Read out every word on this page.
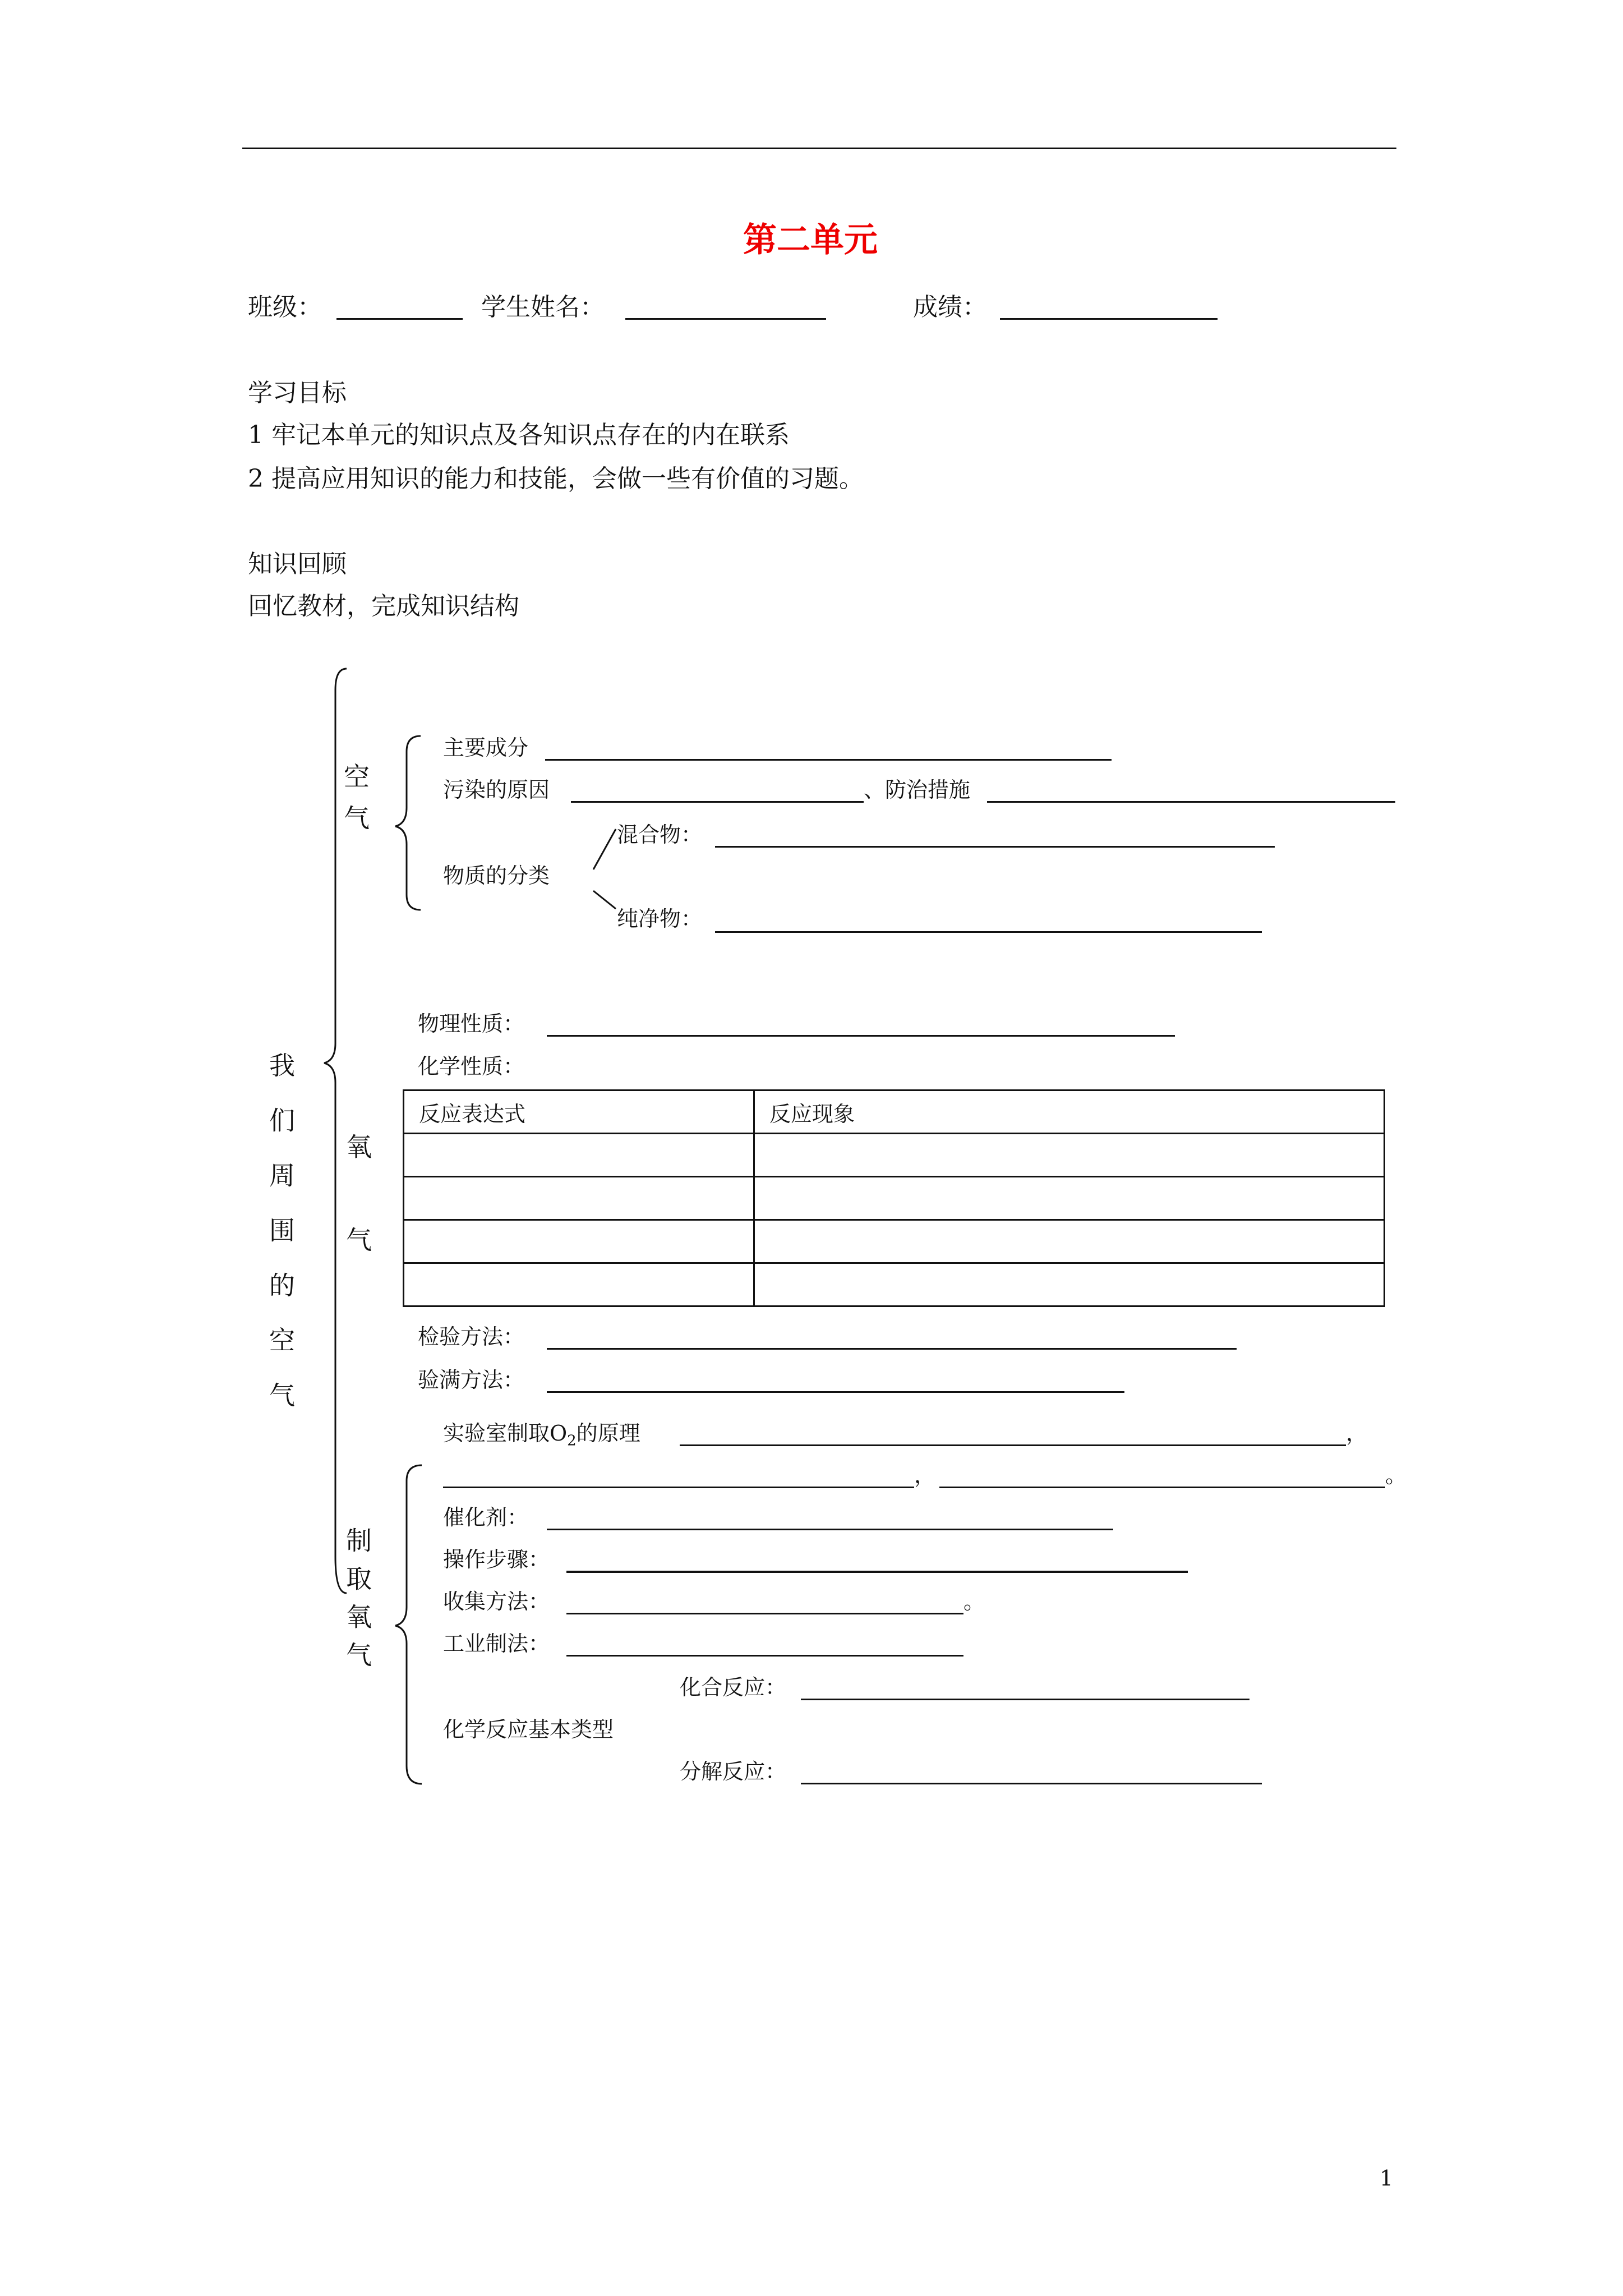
第二单元
班级：	学生姓名：	成绩：
学习目标
1 牢记本单元的知识点及各知识点存在的内在联系
2 提高应用知识的能力和技能，会做一些有价值的习题。
知识回顾
回忆教材，完成知识结构
我们周围的空气
空气
主要成分
污染的原因	、防治措施
物质的分类
混合物：
纯净物：
氧气
物理性质：
化学性质：
反应表达式	反应现象

检验方法：
验满方法：
实验室制取$O_2$的原理	，
，	。
制取氧气
催化剂：
操作步骤：
收集方法：	。
工业制法：
化合反应：
化学反应基本类型
分解反应：
1
